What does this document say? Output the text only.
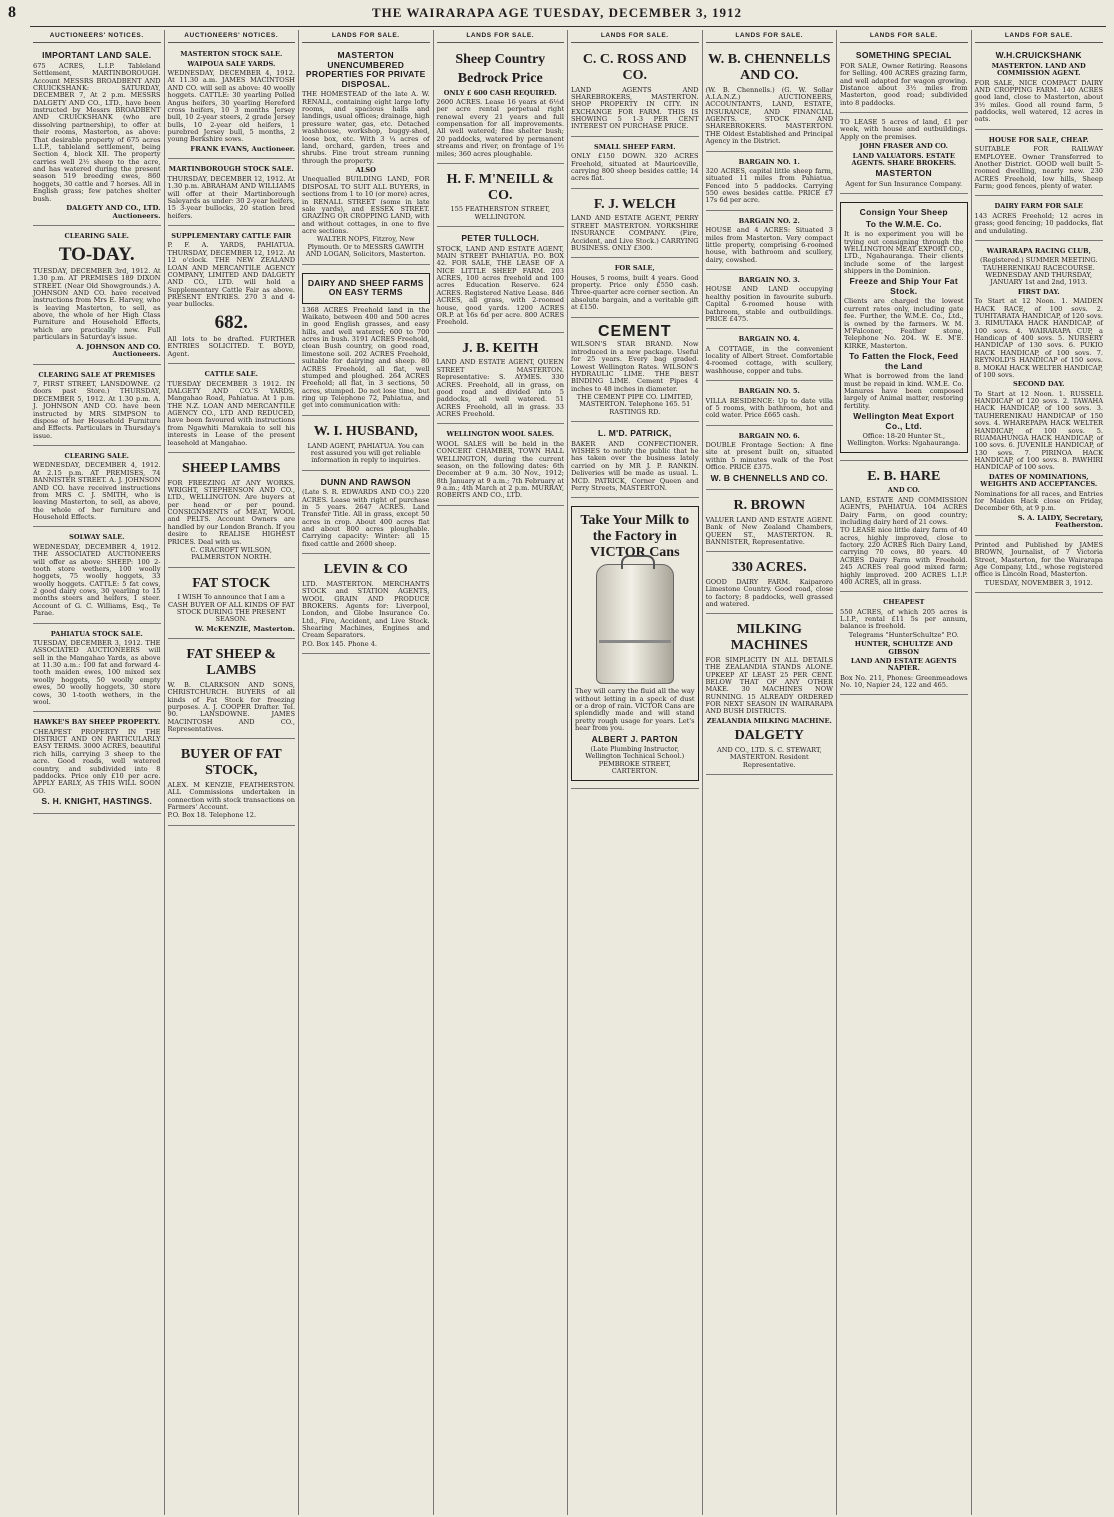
8	THE WAIRARAPA AGE TUESDAY, DECEMBER 3, 1912
AUCTIONEERS' NOTICES.
IMPORTANT LAND SALE.

675 ACRES, L.I.P. Tableland Settlement, MARTINBOROUGH. Account MESSRS BROADBENT AND CRUICKSHANK: SATURDAY, DECEMBER 7, At 2 p.m. MESSRS DALGETY AND CO., LTD., have been instructed by Messrs BROADBENT AND CRUICKSHANK (who are dissolving partnership), to offer at their rooms, Masterton, as above: That desirable property of 675 acres L.I.P., tableland settlement, being Section 4, block XII. The property carries well 2½ sheep to the acre, and has watered during the present season 519 breeding ewes, 860 hoggets, 30 cattle and 7 horses. All in English grass; few patches shelter bush.

DALGETY AND CO., LTD. Auctioneers.

CLEARING SALE.
TO-DAY.

TUESDAY, DECEMBER 3rd, 1912. At 1.30 p.m. AT PREMISES 189 DIXON STREET. (Near Old Showgrounds.) A. JOHNSON AND CO. have received instructions from Mrs E. Harvey, who is leaving Masterton, to sell, as above, the whole of her High Class Furniture and Household Effects, which are practically new. Full particulars in Saturday's issue.

A. JOHNSON AND CO. Auctioneers.

CLEARING SALE AT PREMISES

7, FIRST STREET, LANSDOWNE. (2 doors past Store.) THURSDAY, DECEMBER 5, 1912. At 1.30 p.m. A. J. JOHNSON AND CO. have been instructed by MRS SIMPSON to dispose of her Household Furniture and Effects. Particulars in Thursday's issue.

CLEARING SALE.

WEDNESDAY, DECEMBER 4, 1912. At 2.15 p.m. AT PREMISES, 74 BANNISTER STREET. A. J. JOHNSON AND CO. have received instructions from MRS C. J. SMITH, who is leaving Masterton, to sell, as above, the whole of her furniture and Household Effects.

SOLWAY SALE.

WEDNESDAY, DECEMBER 4, 1912. THE ASSOCIATED AUCTIONEERS will offer as above: SHEEP: 100 2-tooth store wethers, 100 woolly hoggets, 75 woolly hoggets, 33 woolly hoggets. CATTLE: 5 fat cows, 2 good dairy cows, 30 yearling to 15 months steers and heifers, 1 steer. Account of G. C. Williams, Esq., Te Parae.

PAHIATUA STOCK SALE.

TUESDAY, DECEMBER 3, 1912. THE ASSOCIATED AUCTIONEERS will sell in the Mangahao Yards, as above at 11.30 a.m.: 100 fat and forward 4-tooth maiden ewes, 100 mixed sex woolly hoggets, 50 woolly empty ewes, 50 woolly hoggets, 30 store cows, 30 1-tooth wethers, in the wool.

HAWKE'S BAY SHEEP PROPERTY.

CHEAPEST PROPERTY IN THE DISTRICT AND ON PARTICULARLY EASY TERMS. 3000 ACRES, beautiful rich hills, carrying 3 sheep to the acre. Good roads, well watered country, and subdivided into 8 paddocks. Price only £10 per acre. APPLY EARLY, AS THIS WILL SOON GO.

S. H. KNIGHT, HASTINGS.
AUCTIONEERS' NOTICES.
MASTERTON STOCK SALE.
WAIPOUA SALE YARDS.

WEDNESDAY, DECEMBER 4, 1912. At 11.30 a.m. JAMES MACINTOSH AND CO. will sell as above: 40 woolly hoggets. CATTLE: 30 yearling Polled Angus heifers, 30 yearling Hereford cross heifers, 10 3 months Jersey bull, 10 2-year steers, 2 grade Jersey bulls, 10 2-year old heifers, 1 purebred Jersey bull, 5 months, 2 young Berkshire sows.

FRANK EVANS, Auctioneer.

MARTINBOROUGH STOCK SALE.

THURSDAY, DECEMBER 12, 1912. At 1.30 p.m. ABRAHAM AND WILLIAMS will offer at their Martinborough Saleyards as under: 30 2-year heifers, 15 3-year bullocks, 20 station bred heifers.

SUPPLEMENTARY CATTLE FAIR

P. F. A. YARDS, PAHIATUA. THURSDAY, DECEMBER 12, 1912. At 12 o'clock. THE NEW ZEALAND LOAN AND MERCANTILE AGENCY COMPANY, LIMITED AND DALGETY AND CO., LTD. will hold a Supplementary Cattle Fair as above. PRESENT ENTRIES. 270 3 and 4-year bullocks.

682.

All lots to be drafted. FURTHER ENTRIES SOLICITED. T. BOYD, Agent.

CATTLE SALE.

TUESDAY DECEMBER 3 1912. IN DALGETY AND CO.'S YARDS, Mangahao Road, Pahiatua. At 1 p.m. THE N.Z. LOAN AND MERCANTILE AGENCY CO., LTD AND REDUCED, have been favoured with instructions from Ngawhiti Marakaia to sell his interests in Lease of the present leasehold at Mangahao.

SHEEP LAMBS

FOR FREEZING AT ANY WORKS. WRIGHT, STEPHENSON AND CO., LTD., WELLINGTON. Are buyers at per head or per pound. CONSIGNMENTS of MEAT, WOOL and PELTS. Account Owners are handled by our London Branch. If you desire to REALISE HIGHEST PRICES. Deal with us.

C. CRACROFT WILSON, PALMERSTON NORTH.

FAT STOCK

I WISH To announce that I am a CASH BUYER OF ALL KINDS OF FAT STOCK DURING THE PRESENT SEASON.

W. McKENZIE, Masterton.

FAT SHEEP & LAMBS

W. B. CLARKSON AND SONS, CHRISTCHURCH. BUYERS of all kinds of Fat Stock for freezing purposes. A. J. COOPER Drafter. Tel. 90. LANSDOWNE. JAMES MACINTOSH AND CO., Representatives.

BUYER OF FAT STOCK,

ALEX. M KENZIE, FEATHERSTON. ALL Commissions undertaken in connection with stock transactions on Farmers' Account.

P.O. Box 18. Telephone 12.

LANDS FOR SALE.
MASTERTON UNENCUMBERED PROPERTIES FOR PRIVATE DISPOSAL.

THE HOMESTEAD of the late A. W. RENALL, containing eight large lofty rooms, and spacious halls and landings, usual offices; drainage, high pressure water, gas, etc. Detached washhouse, workshop, buggy-shed, loose box, etc. With 3 ¼ acres of land, orchard, garden, trees and shrubs. Fine trout stream running through the property.

ALSO

Unequalled BUILDING LAND, FOR DISPOSAL TO SUIT ALL BUYERS, in sections from 1 to 10 (or more) acres, in RENALL STREET (some in late sale yards), and ESSEX STREET. GRAZING OR CROPPING LAND, with and without cottages, in one to five acre sections.

WALTER NOPS, Fitzroy, New Plymouth. Or to MESSRS GAWITH AND LOGAN, Solicitors, Masterton.

DAIRY AND SHEEP FARMS ON EASY TERMS

1368 ACRES Freehold land in the Waikato, between 400 and 500 acres in good English grasses, and easy hills, and well watered; 600 to 700 acres in bush. 3191 ACRES Freehold, clean Bush country, on good road, limestone soil. 202 ACRES Freehold, suitable for dairying and sheep. 80 ACRES Freehold, all flat, well stumped and ploughed. 264 ACRES Freehold; all flat, in 3 sections, 50 acres, stumped. Do not lose time, but ring up Telephone 72, Pahiatua, and get into communication with:

W. I. HUSBAND,

LAND AGENT, PAHIATUA. You can rest assured you will get reliable information in reply to inquiries.

DUNN AND RAWSON

(Late S. R. EDWARDS AND CO.) 220 ACRES. Lease with right of purchase in 5 years. 2647 ACRES. Land Transfer Title. All in grass, except 50 acres in crop. About 400 acres flat and about 800 acres ploughable. Carrying capacity: Winter: all 15 fixed cattle and 2600 sheep.

LEVIN & CO

LTD. MASTERTON. MERCHANTS STOCK and STATION AGENTS, WOOL GRAIN AND PRODUCE BROKERS. Agents for: Liverpool, London, and Globe Insurance Co. Ltd., Fire, Accident, and Live Stock. Shearing Machines, Engines and Cream Separators.

P.O. Box 145. Phone 4.

LANDS FOR SALE.
Sheep Country
Bedrock Price
ONLY £ 600 CASH REQUIRED.

2600 ACRES. Lease 16 years at 6½d per acre rental perpetual right renewal every 21 years and full compensation for all improvements. All well watered; fine shelter bush; 20 paddocks, watered by permanent streams and river, on frontage of 1½ miles; 360 acres ploughable.

H. F. M'NEILL & CO.

155 FEATHERSTON STREET, WELLINGTON.

PETER TULLOCH.

STOCK, LAND AND ESTATE AGENT, MAIN STREET PAHIATUA. P.O. BOX 42. FOR SALE, THE LEASE OF A NICE LITTLE SHEEP FARM. 203 ACRES, 100 acres freehold and 100 acres Education Reserve. 624 ACRES. Registered Native Lease. 846 ACRES, all grass, with 2-roomed house, good yards. 1200 ACRES OR.P. at 16s 6d per acre. 800 ACRES Freehold.

J. B. KEITH

LAND AND ESTATE AGENT, QUEEN STREET MASTERTON. Representative: S. AYMES. 330 ACRES. Freehold, all in grass, on good road and divided into 5 paddocks, all well watered. 51 ACRES Freehold, all in grass. 33 ACRES Freehold.

WELLINGTON WOOL SALES.

WOOL SALES will be held in the CONCERT CHAMBER, TOWN HALL WELLINGTON, during the current season, on the following dates: 6th December at 9 a.m. 30 Nov., 1912; 8th January at 9 a.m.; 7th February at 9 a.m.; 4th March at 2 p.m. MURRAY, ROBERTS AND CO., LTD.

LANDS FOR SALE.
C. C. ROSS AND CO.

LAND AGENTS AND SHAREBROKERS, MASTERTON. SHOP PROPERTY IN CITY. IN EXCHANGE FOR FARM. THIS IS SHOWING 5 1-3 PER CENT INTEREST ON PURCHASE PRICE.

SMALL SHEEP FARM.

ONLY £150 DOWN. 320 ACRES Freehold, situated at Mauriceville, carrying 800 sheep besides cattle; 14 acres flat.

F. J. WELCH

LAND AND ESTATE AGENT, PERRY STREET MASTERTON. YORKSHIRE INSURANCE COMPANY. (Fire, Accident, and Live Stock.) CARRYING BUSINESS. ONLY £300.

FOR SALE,

Houses, 5 rooms, built 4 years. Good property. Price only £550 cash. Three-quarter acre corner section. An absolute bargain, and a veritable gift at £150.

CEMENT

WILSON'S STAR BRAND. Now introduced in a new package. Useful for 25 years. Every bag graded. Lowest Wellington Rates. WILSON'S HYDRAULIC LIME. THE BEST BINDING LIME. Cement Pipes 4 inches to 48 inches in diameter.

THE CEMENT PIPE CO. LIMITED, MASTERTON. Telephone 165. 51 RASTINGS RD.

L. M'D. PATRICK,

BAKER AND CONFECTIONER. WISHES to notify the public that he has taken over the business lately carried on by MR J. P. RANKIN. Deliveries will be made as usual. L. MCD. PATRICK, Corner Queen and Perry Streets, MASTERTON.

Take Your Milk to the Factory in VICTOR Cans

They will carry the fluid all the way without letting in a speck of dust or a drop of rain. VICTOR Cans are splendidly made and will stand pretty rough usage for years. Let's hear from you.

ALBERT J. PARTON

(Late Plumbing Instructor, Wellington Technical School.) PEMBROKE STREET, CARTERTON.

LANDS FOR SALE.
W. B. CHENNELLS AND CO.

(W. B. Chennells.) (G. W. Sollar A.I.A.N.Z.) AUCTIONEERS, ACCOUNTANTS, LAND, ESTATE, INSURANCE, AND FINANCIAL AGENTS. STOCK AND SHAREBROKERS. MASTERTON. THE Oldest Established and Principal Agency in the District.

BARGAIN NO. 1.

320 ACRES, capital little sheep farm, situated 11 miles from Pahiatua. Fenced into 5 paddocks. Carrying 550 ewes besides cattle. PRICE £7 17s 6d per acre.

BARGAIN NO. 2.

HOUSE and 4 ACRES: Situated 3 miles from Masterton. Very compact little property, comprising 6-roomed house, with bathroom and scullery, dairy, cowshed.

BARGAIN NO. 3.

HOUSE AND LAND occupying healthy position in favourite suburb. Capital 6-roomed house with bathroom, stable and outbuildings. PRICE £475.

BARGAIN NO. 4.

A COTTAGE, in the convenient locality of Albert Street. Comfortable 4-roomed cottage, with scullery, washhouse, copper and tubs.

BARGAIN NO. 5.

VILLA RESIDENCE: Up to date villa of 5 rooms, with bathroom, hot and cold water. Price £665 cash.

BARGAIN NO. 6.

DOUBLE Frontage Section: A fine site at present built on, situated within 5 minutes walk of the Post Office. PRICE £375.

W. B CHENNELLS AND CO.
R. BROWN

VALUER LAND AND ESTATE AGENT. Bank of New Zealand Chambers, QUEEN ST., MASTERTON. R. BANNISTER, Representative.

330 ACRES.

GOOD DAIRY FARM. Kaiparoro Limestone Country. Good road, close to factory; 8 paddocks, well grassed and watered.

MILKING MACHINES

FOR SIMPLICITY IN ALL DETAILS THE ZEALANDIA STANDS ALONE. UPKEEP AT LEAST 25 PER CENT. BELOW THAT OF ANY OTHER MAKE. 30 MACHINES NOW RUNNING. 15 ALREADY ORDERED FOR NEXT SEASON IN WAIRARAPA AND BUSH DISTRICTS.

ZEALANDIA MILKING MACHINE.
DALGETY

AND CO., LTD. S. C. STEWART, MASTERTON. Resident Representative.

LANDS FOR SALE.
SOMETHING SPECIAL

FOR SALE, Owner Retiring. Reasons for Selling. 400 ACRES grazing farm, and well adapted for wagon growing. Distance about 3½ miles from Masterton, good road; subdivided into 8 paddocks.

TO LEASE 5 acres of land, £1 per week, with house and outbuildings. Apply on the premises.

JOHN FRASER AND CO.
LAND VALUATORS. ESTATE AGENTS. SHARE BROKERS.
MASTERTON

Agent for Sun Insurance Company.

Consign Your Sheep
To the W.M.E. Co.

It is no experiment you will be trying out consigning through the WELLINGTON MEAT EXPORT CO., LTD., Ngahauranga. Their clients include some of the largest shippers in the Dominion.

Freeze and Ship Your Fat Stock.

Clients are charged the lowest current rates only, including gate fee. Further, the W.M.E. Co., Ltd., is owned by the farmers. W. M. M'Falconer, Feather stone, Telephone No. 204. W. E. M'E. KIRKE, Masterton.

To Fatten the Flock, Feed the Land

What is borrowed from the land must be repaid in kind. W.M.E. Co. Manures have been composed largely of Animal matter, restoring fertility.

Wellington Meat Export Co., Ltd.

Office: 18-20 Hunter St., Wellington. Works: Ngahauranga.

E. B. HARE
AND CO.

LAND, ESTATE AND COMMISSION AGENTS, PAHIATUA. 104 ACRES Dairy Farm, on good country; including dairy herd of 21 cows.

TO LEASE nice little dairy farm of 40 acres, highly improved, close to factory. 220 ACRES Rich Dairy Land, carrying 70 cows, 80 years. 40 ACRES Dairy Farm with Freehold. 245 ACRES real good mixed farm; highly improved. 200 ACRES L.I.P. 400 ACRES, all in grass.

CHEAPEST

550 ACRES, of which 205 acres is L.I.P., rental £11 5s per annum, balance is freehold.

Telegrams "HunterSchultze" P.O.

HUNTER, SCHULTZE AND GIBSON
LAND AND ESTATE AGENTS NAPIER.

Box No. 211, Phones: Greenmeadows No. 10, Napier 24, 122 and 465.

LANDS FOR SALE.
W.H.CRUICKSHANK
MASTERTON. LAND AND COMMISSION AGENT.

FOR SALE, NICE COMPACT DAIRY AND CROPPING FARM. 140 ACRES good land, close to Masterton, about 3½ miles. Good all round farm, 5 paddocks, well watered, 12 acres in oats.

HOUSE FOR SALE, CHEAP.

SUITABLE FOR RAILWAY EMPLOYEE. Owner Transferred to Another District. GOOD well built 5-roomed dwelling, nearly new. 230 ACRES Freehold, low hills, Sheep Farm; good fences, plenty of water.

DAIRY FARM FOR SALE

143 ACRES Freehold; 12 acres in grass; good fencing; 10 paddocks, flat and undulating.

WAIRARAPA RACING CLUB,

(Registered.) SUMMER MEETING. TAUHERENIKAU RACECOURSE. WEDNESDAY AND THURSDAY, JANUARY 1st and 2nd, 1913.

FIRST DAY.

To Start at 12 Noon. 1. MAIDEN HACK RACE, of 100 sovs. 2. TUHITARATA HANDICAP, of 120 sovs. 3. RIMUTAKA HACK HANDICAP, of 100 sovs. 4. WAIRARAPA CUP, a Handicap of 400 sovs. 5. NURSERY HANDICAP of 130 sovs. 6. PUKIO HACK HANDICAP, of 100 sovs. 7. REYNOLD'S HANDICAP of 150 sovs. 8. MOKAI HACK WELTER HANDICAP, of 100 sovs.

SECOND DAY.

To Start at 12 Noon. 1. RUSSELL HANDICAP of 120 sovs. 2. TAWAHA HACK HANDICAP, of 100 sovs. 3. TAUHERENIKAU HANDICAP of 150 sovs. 4. WHAREPAPA HACK WELTER HANDICAP, of 100 sovs. 5. RUAMAHUNGA HACK HANDICAP, of 100 sovs. 6. JUVENILE HANDICAP, of 130 sovs. 7. PIRINOA HACK HANDICAP, of 100 sovs. 8. PAWHIRI HANDICAP of 100 sovs.

DATES OF NOMINATIONS, WEIGHTS AND ACCEPTANCES.

Nominations for all races, and Entries for Maiden Hack close on Friday, December 6th, at 9 p.m.

S. A. LAIDY, Secretary, Featherston.

Printed and Published by JAMES BROWN, Journalist, of 7 Victoria Street, Masterton, for the Wairarapa Age Company, Ltd., whose registered office is Lincoln Road, Masterton.

TUESDAY, NOVEMBER 3, 1912.
